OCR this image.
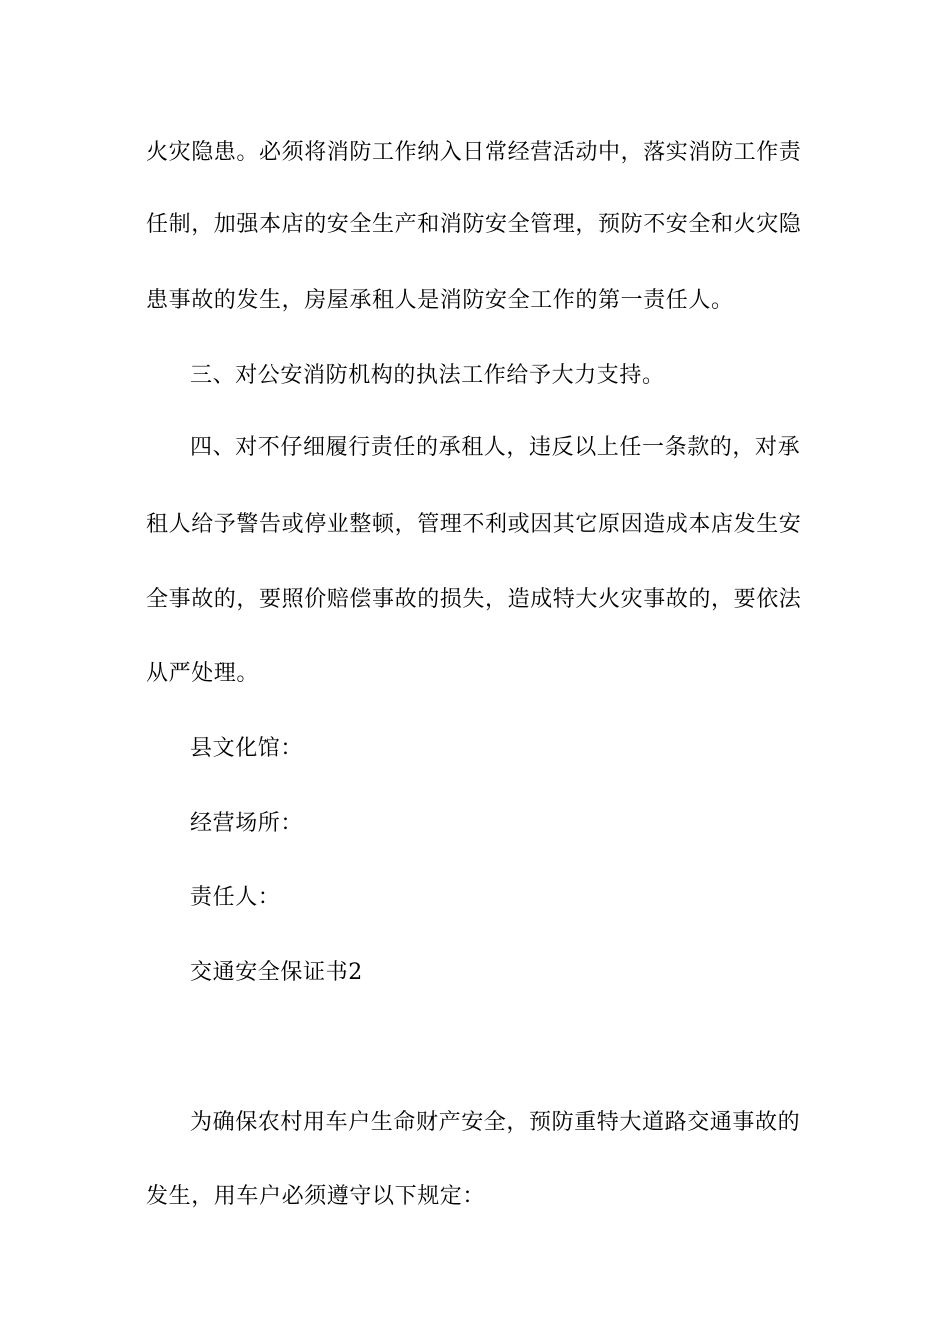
火灾隐患。必须将消防工作纳入日常经营活动中，落实消防工作责
任制，加强本店的安全生产和消防安全管理，预防不安全和火灾隐
患事故的发生，房屋承租人是消防安全工作的第一责任人。
三、对公安消防机构的执法工作给予大力支持。
四、对不仔细履行责任的承租人，违反以上任一条款的，对承
租人给予警告或停业整顿，管理不利或因其它原因造成本店发生安
全事故的，要照价赔偿事故的损失，造成特大火灾事故的，要依法
从严处理。
县文化馆：
经营场所：
责任人：
交通安全保证书2
为确保农村用车户生命财产安全，预防重特大道路交通事故的
发生，用车户必须遵守以下规定：
